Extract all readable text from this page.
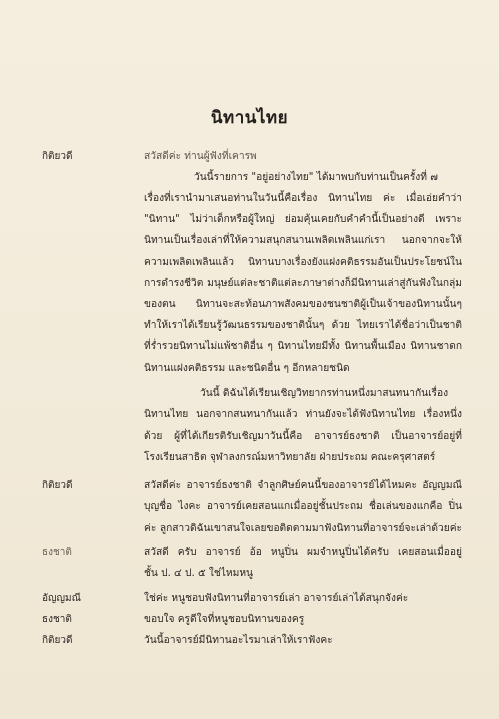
นิทานไทย
กิติยวดี	สวัสดีค่ะ ท่านผู้ฟังที่เคารพ
วันนี้รายการ "อยู่อย่างไทย" ได้มาพบกับท่านเป็นครั้งที่ ๗
เรื่องที่เรานำมาเสนอท่านในวันนี้คือเรื่อง นิทานไทย ค่ะ เมื่อเอ่ยคำว่า
"นิทาน" ไม่ว่าเด็กหรือผู้ใหญ่ ย่อมคุ้นเคยกับคำคำนี้เป็นอย่างดี เพราะ
นิทานเป็นเรื่องเล่าที่ให้ความสนุกสนานเพลิดเพลินแก่เรา นอกจากจะให้
ความเพลิดเพลินแล้ว นิทานบางเรื่องยังแฝงคติธรรมอันเป็นประโยชน์ใน
การดำรงชีวิต มนุษย์แต่ละชาติแต่ละภาษาต่างก็มีนิทานเล่าสู่กันฟังในกลุ่ม
ของตน นิทานจะสะท้อนภาพสังคมของชนชาติผู้เป็นเจ้าของนิทานนั้นๆ
ทำให้เราได้เรียนรู้วัฒนธรรมของชาตินั้นๆ ด้วย ไทยเราได้ชื่อว่าเป็นชาติ
ที่ร่ำรวยนิทานไม่แพ้ชาติอื่น ๆ นิทานไทยมีทั้ง นิทานพื้นเมือง นิทานชาดก
นิทานแฝงคติธรรม และชนิดอื่น ๆ อีกหลายชนิด
วันนี้ ดิฉันได้เรียนเชิญวิทยากรท่านหนึ่งมาสนทนากันเรื่อง
นิทานไทย นอกจากสนทนากันแล้ว ท่านยังจะได้ฟังนิทานไทย เรื่องหนึ่ง
ด้วย ผู้ที่ได้เกียรติรับเชิญมาวันนี้คือ อาจารย์ธงชาติ เป็นอาจารย์อยู่ที่
โรงเรียนสาธิต จุฬาลงกรณ์มหาวิทยาลัย ฝ่ายประถม คณะครุศาสตร์
กิติยวดี	สวัสดีค่ะ อาจารย์ธงชาติ จำลูกศิษย์คนนี้ของอาจารย์ได้ไหมคะ อัญญมณี
บุญชื่อ ไงคะ อาจารย์เคยสอนแกเมื่ออยู่ชั้นประถม ชื่อเล่นของแกคือ ปิ่น
ค่ะ ลูกสาวดิฉันเขาสนใจเลยขอติดตามมาฟังนิทานที่อาจารย์จะเล่าด้วยค่ะ
ธงชาติ	สวัสดี ครับ อาจารย์ อ้อ หนูปิ่น ผมจำหนูปิ่นได้ครับ เคยสอนเมื่ออยู่
ชั้น ป. ๔ ป. ๕ ใช่ไหมหนู
อัญญมณี	ใช่ค่ะ หนูชอบฟังนิทานที่อาจารย์เล่า อาจารย์เล่าได้สนุกจังค่ะ
ธงชาติ	ขอบใจ ครูดีใจที่หนูชอบนิทานของครู
กิติยวดี	วันนี้อาจารย์มีนิทานอะไรมาเล่าให้เราฟังคะ
